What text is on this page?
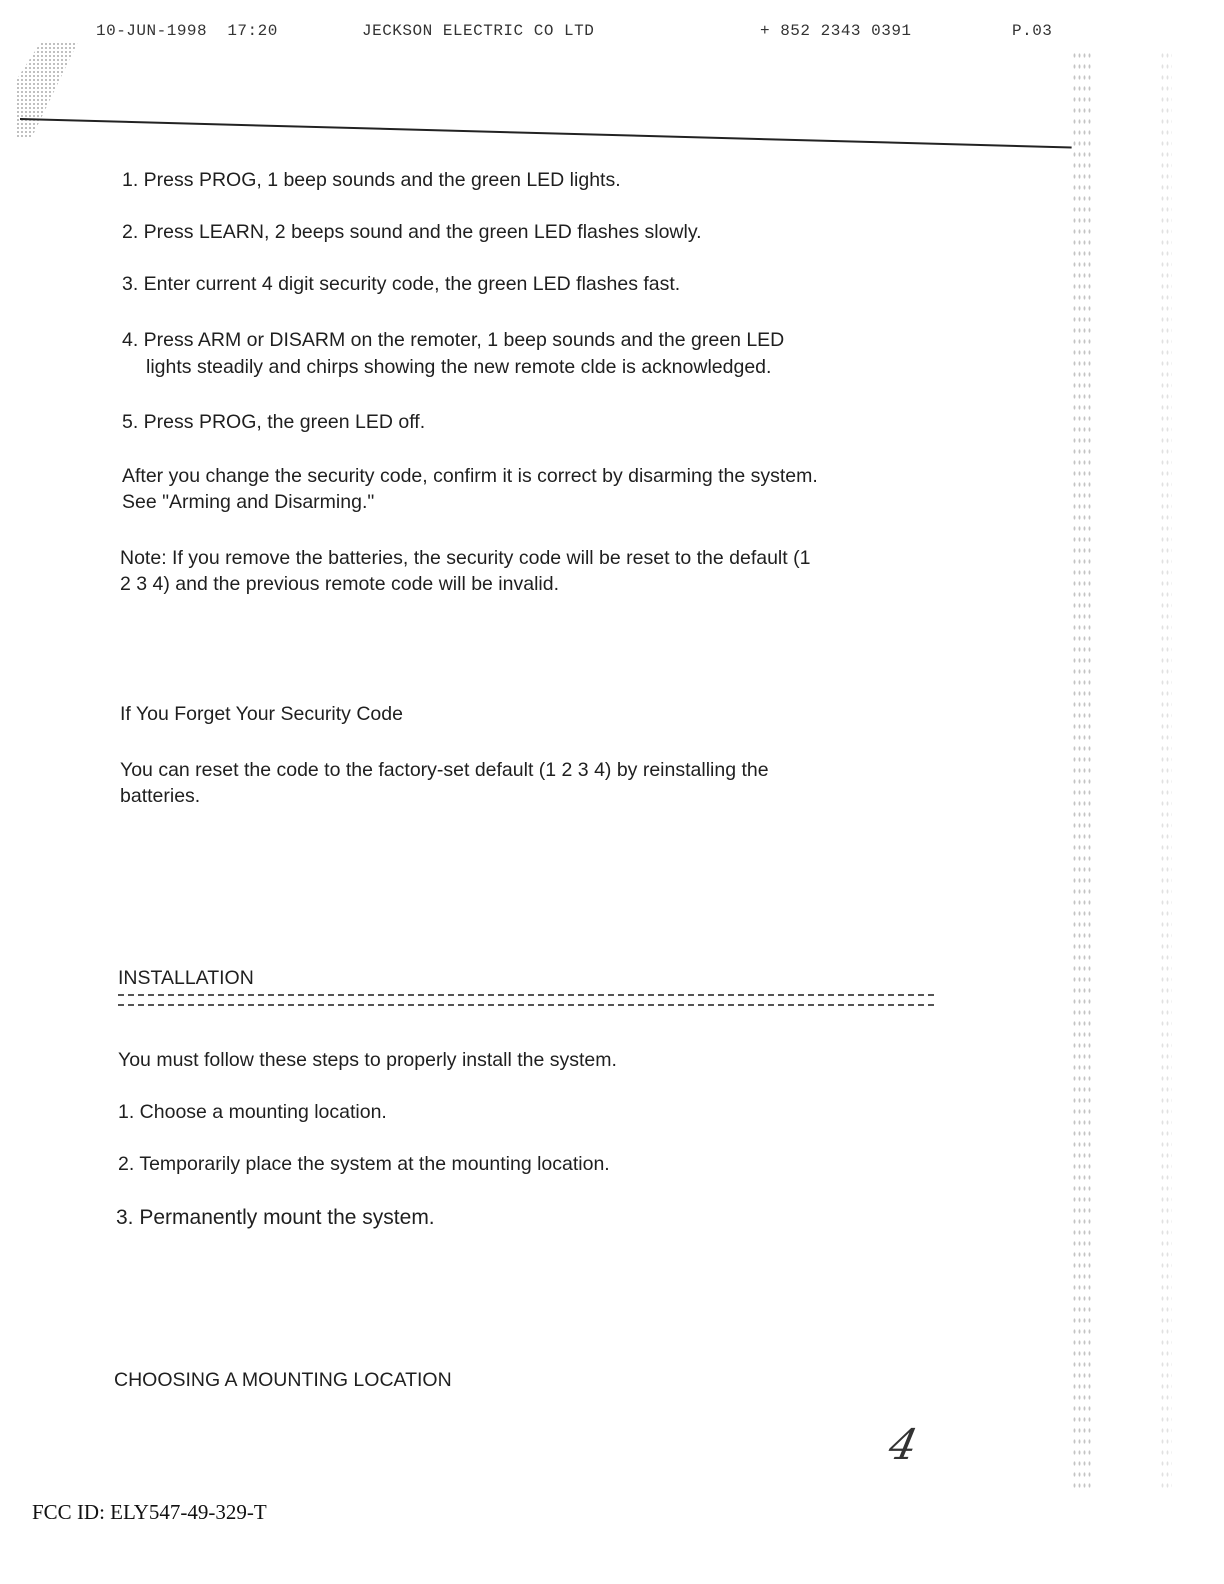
10-JUN-1998  17:20	JECKSON ELECTRIC CO LTD	+ 852 2343 0391	P.03

1. Press PROG, 1 beep sounds and the green LED lights.

2. Press LEARN, 2 beeps sound and the green LED flashes slowly.

3. Enter current 4 digit security code, the green LED flashes fast.

4. Press ARM or DISARM on the remoter, 1 beep sounds and the green LED

lights steadily and chirps showing the new remote clde is acknowledged.

5. Press PROG, the green LED off.

After you change the security code, confirm it is correct by disarming the system.

See "Arming and Disarming."

Note: If you remove the batteries, the security code will be reset to the default (1

2 3 4) and the previous remote code will be invalid.

If You Forget Your Security Code

You can reset the code to the factory-set default (1 2 3 4) by reinstalling the

batteries.

INSTALLATION

You must follow these steps to properly install the system.

1. Choose a mounting location.

2. Temporarily place the system at the mounting location.

3. Permanently mount the system.

CHOOSING A MOUNTING LOCATION

4
FCC ID: ELY547-49-329-T
